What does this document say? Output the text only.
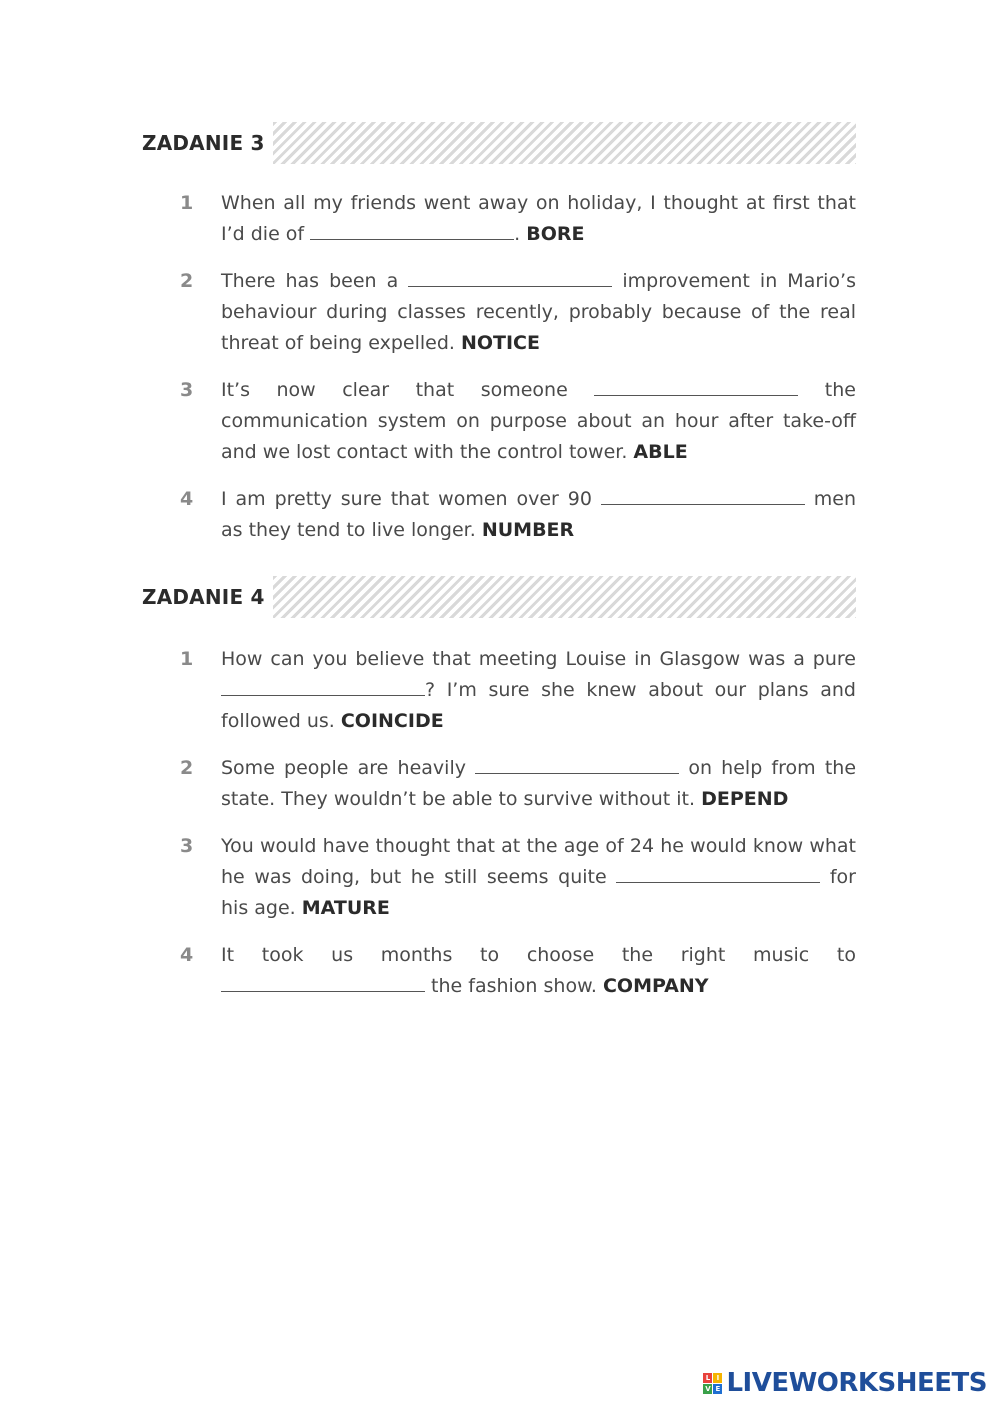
ZADANIE 3
1	When all my friends went away on holiday, I thought at first that I’d die of	. BORE
2	There has been a	improvement in Mario’s behaviour during classes recently, probably because of the real threat of being expelled. NOTICE
3	It’s now clear that someone	the communication system on purpose about an hour after take-off and we lost contact with the control tower. ABLE
4	I am pretty sure that women over 90	men as they tend to live longer. NUMBER
ZADANIE 4
1	How can you believe that meeting Louise in Glasgow was a pure ? I’m sure she knew about our plans and followed us. COINCIDE
2	Some people are heavily	on help from the state. They wouldn’t be able to survive without it. DEPEND
3	You would have thought that at the age of 24 he would know what he was doing, but he still seems quite	for his age. MATURE
4	It took us months to choose the right music to  the fashion show. COMPANY
L I
V E LIVEWORKSHEETS
